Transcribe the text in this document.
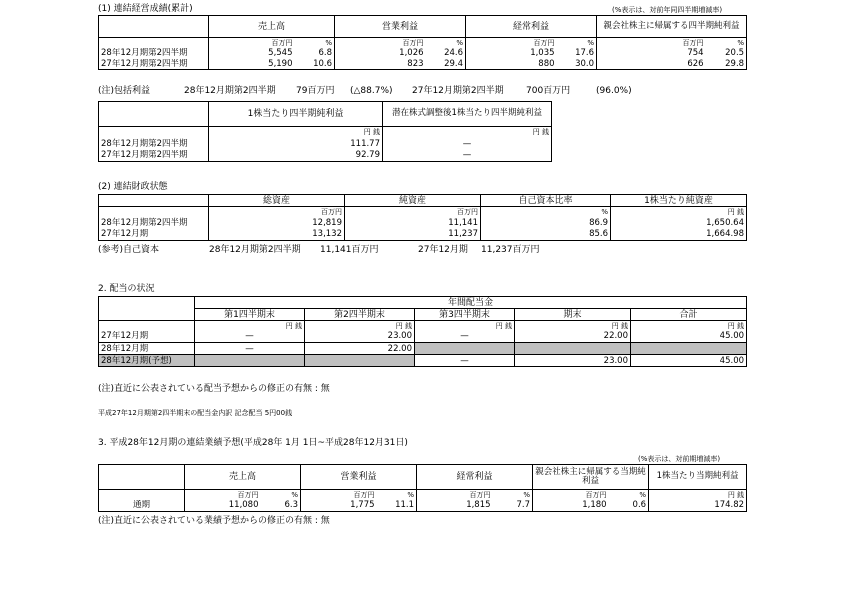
(1) 連結経営成績(累計)	(%表示は、対前年同四半期増減率)
	売上高		営業利益		経常利益		親会社株主に帰属する四半期純利益	
	百万円	%	百万円	%	百万円	%	百万円	%
28年12月期第2四半期	5,545	6.8	1,026	24.6	1,035	17.6	754	20.5
27年12月期第2四半期	5,190	10.6	823	29.4	880	30.0	626	29.8
(注)包括利益	28年12月期第2四半期 79百万円 (△88.7%) 27年12月期第2四半期 700百万円	(96.0%)
	1株当たり四半期純利益	潜在株式調整後1株当たり四半期純利益
	円 銭	円 銭
28年12月期第2四半期	111.77	—
27年12月期第2四半期	92.79	—
(2) 連結財政状態
	総資産	純資産	自己資本比率	1株当たり純資産
	百万円	百万円	%	円 銭
28年12月期第2四半期	12,819	11,141	86.9	1,650.64
27年12月期	13,132	11,237	85.6	1,664.98
(参考)自己資本	28年12月期第2四半期 11,141百万円	27年12月期 11,237百万円
2. 配当の状況
	年間配当金				
	第1四半期末	第2四半期末	第3四半期末	期末	合計
	円 銭	円 銭	円 銭	円 銭	円 銭
27年12月期	—	23.00	—	22.00	45.00
28年12月期	—	22.00			
28年12月期(予想)			—	23.00	45.00
(注)直近に公表されている配当予想からの修正の有無 : 無
平成27年12月期第2四半期末の配当金内訳 記念配当 5円00銭
3. 平成28年12月期の連結業績予想(平成28年 1月 1日~平成28年12月31日)
(%表示は、対前期増減率)
	売上高		営業利益		経常利益		親会社株主に帰属する当期純利益		1株当たり当期純利益
	百万円	%	百万円	%	百万円	%	百万円	%	円 銭
通期	11,080	6.3	1,775	11.1	1,815	7.7	1,180	0.6	174.82
(注)直近に公表されている業績予想からの修正の有無 : 無
